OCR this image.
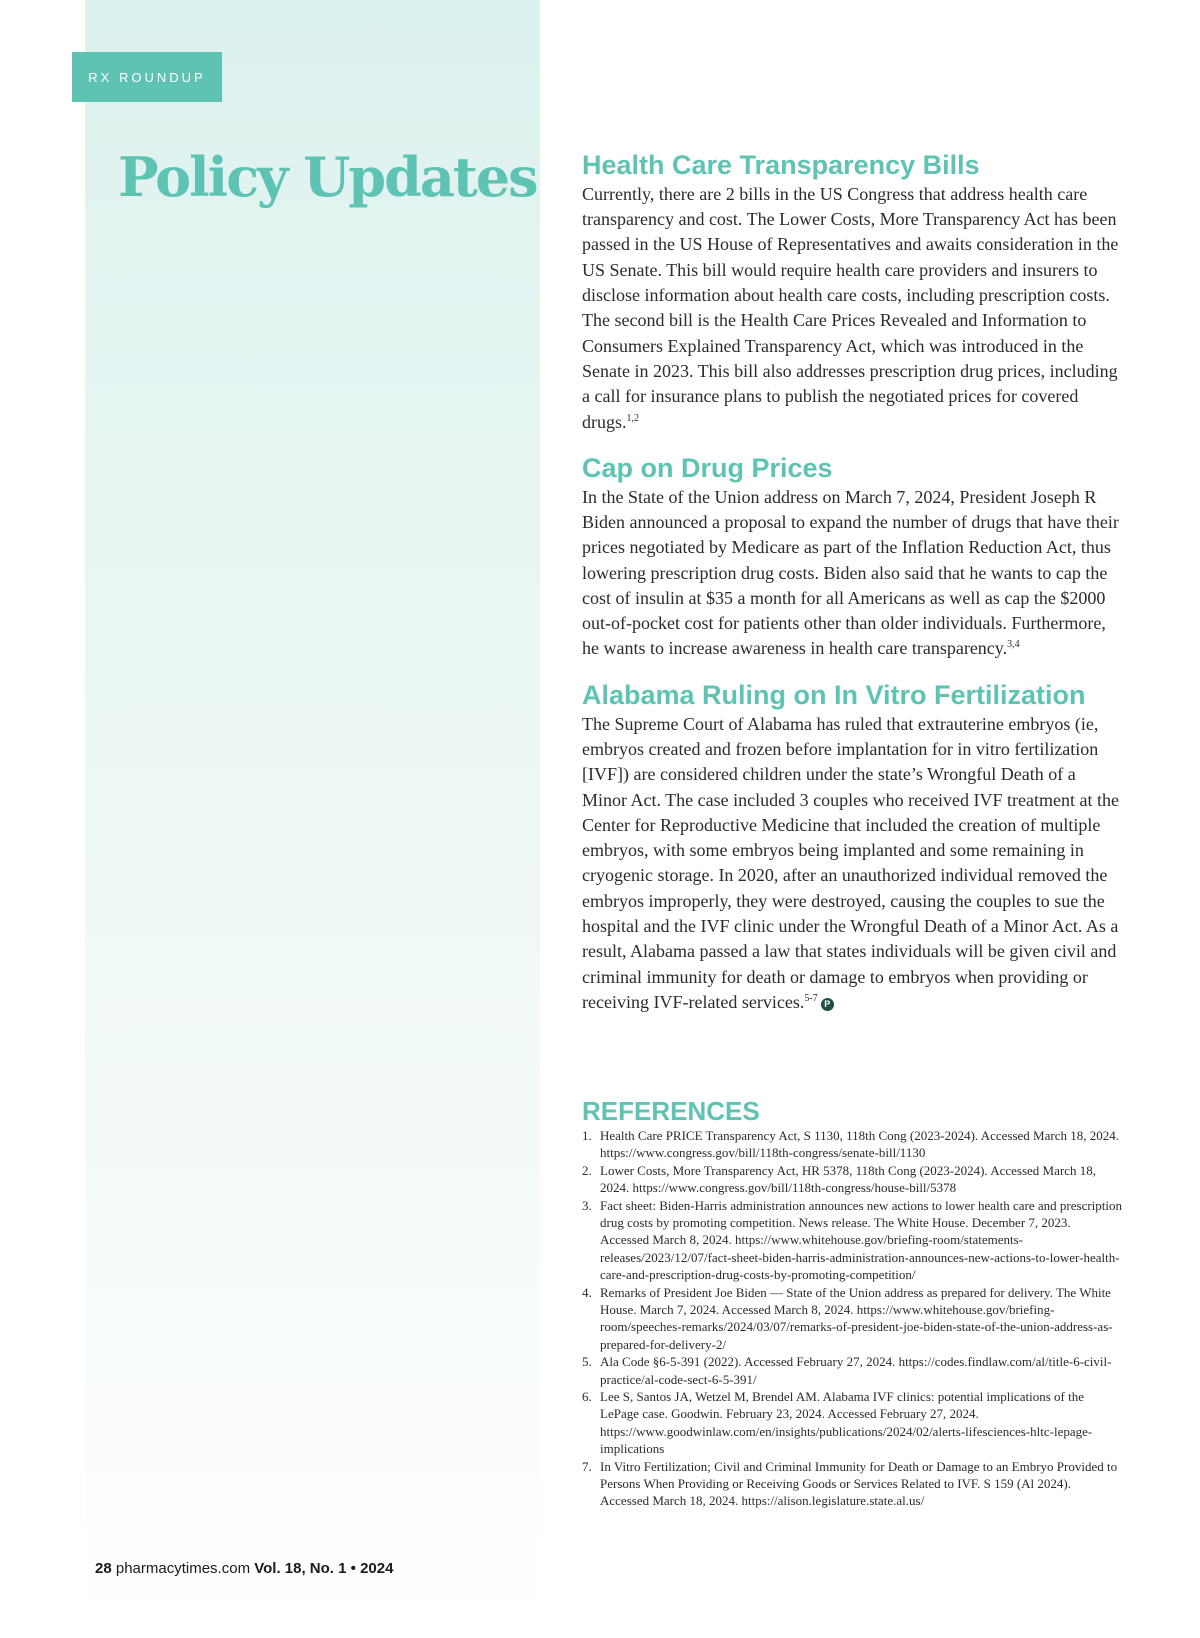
RX ROUNDUP
Policy Updates Health Care Transparency Bills

Currently, there are 2 bills in the US Congress that address health care transparency and cost. The Lower Costs, More Transparency Act has been passed in the US House of Representatives and awaits consideration in the US Senate. This bill would require health care providers and insurers to disclose information about health care costs, including prescription costs. The second bill is the Health Care Prices Revealed and Information to Consumers Explained Transparency Act, which was introduced in the Senate in 2023. This bill also addresses prescription drug prices, including a call for insurance plans to publish the negotiated prices for covered drugs.$^{1,2}$

Cap on Drug Prices

In the State of the Union address on March 7, 2024, President Joseph R Biden announced a proposal to expand the number of drugs that have their prices negotiated by Medicare as part of the Inflation Reduction Act, thus lowering prescription drug costs. Biden also said that he wants to cap the cost of insulin at $35 a month for all Americans as well as cap the $2000 out-of-pocket cost for patients other than older individuals. Furthermore, he wants to increase awareness in health care transparency.$^{3,4}$

Alabama Ruling on In Vitro Fertilization

The Supreme Court of Alabama has ruled that extrauterine embryos (ie, embryos created and frozen before implantation for in vitro fertilization [IVF]) are considered children under the state’s Wrongful Death of a Minor Act. The case included 3 couples who received IVF treatment at the Center for Reproductive Medicine that included the creation of multiple embryos, with some embryos being implanted and some remaining in cryogenic storage. In 2020, after an unauthorized individual removed the embryos improperly, they were destroyed, causing the couples to sue the hospital and the IVF clinic under the Wrongful Death of a Minor Act. As a result, Alabama passed a law that states individuals will be given civil and criminal immunity for death or damage to embryos when providing or receiving IVF-related services.$^{5-7}$ P

REFERENCES
1. Health Care PRICE Transparency Act, S 1130, 118th Cong (2023-2024). Accessed March 18, 2024. https://www.congress.gov/bill/118th-congress/senate-bill/1130
2. Lower Costs, More Transparency Act, HR 5378, 118th Cong (2023-2024). Accessed March 18, 2024. https://www.congress.gov/bill/118th-congress/house-bill/5378
3. Fact sheet: Biden-Harris administration announces new actions to lower health care and prescription drug costs by promoting competition. News release. The White House. December 7, 2023. Accessed March 8, 2024. https://www.whitehouse.gov/briefing-room/statements-releases/2023/12/07/fact-sheet-biden-harris-administration-announces-new-actions-to-lower-health-care-and-prescription-drug-costs-by-promoting-competition/
4. Remarks of President Joe Biden — State of the Union address as prepared for delivery. The White House. March 7, 2024. Accessed March 8, 2024. https://www.whitehouse.gov/briefing-room/speeches-remarks/2024/03/07/remarks-of-president-joe-biden-state-of-the-union-address-as-prepared-for-delivery-2/
5. Ala Code §6-5-391 (2022). Accessed February 27, 2024. https://codes.findlaw.com/al/title-6-civil-practice/al-code-sect-6-5-391/
6. Lee S, Santos JA, Wetzel M, Brendel AM. Alabama IVF clinics: potential implications of the LePage case. Goodwin. February 23, 2024. Accessed February 27, 2024. https://www.goodwinlaw.com/en/insights/publications/2024/02/alerts-lifesciences-hltc-lepage-implications
7. In Vitro Fertilization; Civil and Criminal Immunity for Death or Damage to an Embryo Provided to Persons When Providing or Receiving Goods or Services Related to IVF. S 159 (Al 2024). Accessed March 18, 2024. https://alison.legislature.state.al.us/
28 pharmacytimes.com Vol. 18, No. 1 • 2024
